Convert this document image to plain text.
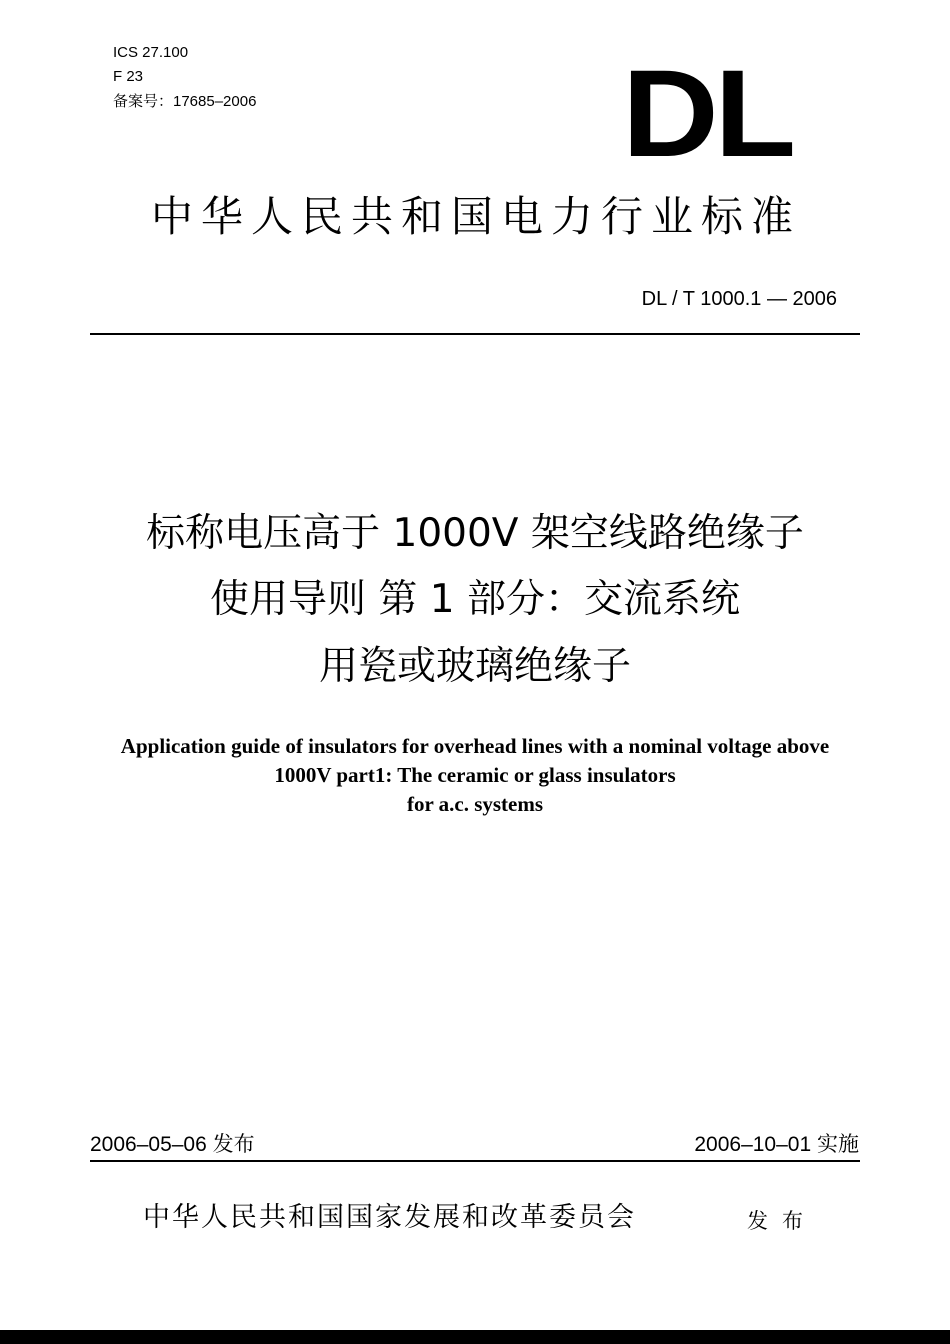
ICS 27.100
F 23
备案号：17685–2006	DL
中华人民共和国电力行业标准
DL / T 1000.1 — 2006
标称电压高于 1000V 架空线路绝缘子
使用导则 第 1 部分：交流系统
用瓷或玻璃绝缘子
Application guide of insulators for overhead lines with a nominal voltage above
1000V part1: The ceramic or glass insulators
for a.c. systems
2006–05–06 发布	2006–10–01 实施
中华人民共和国国家发展和改革委员会	发布
